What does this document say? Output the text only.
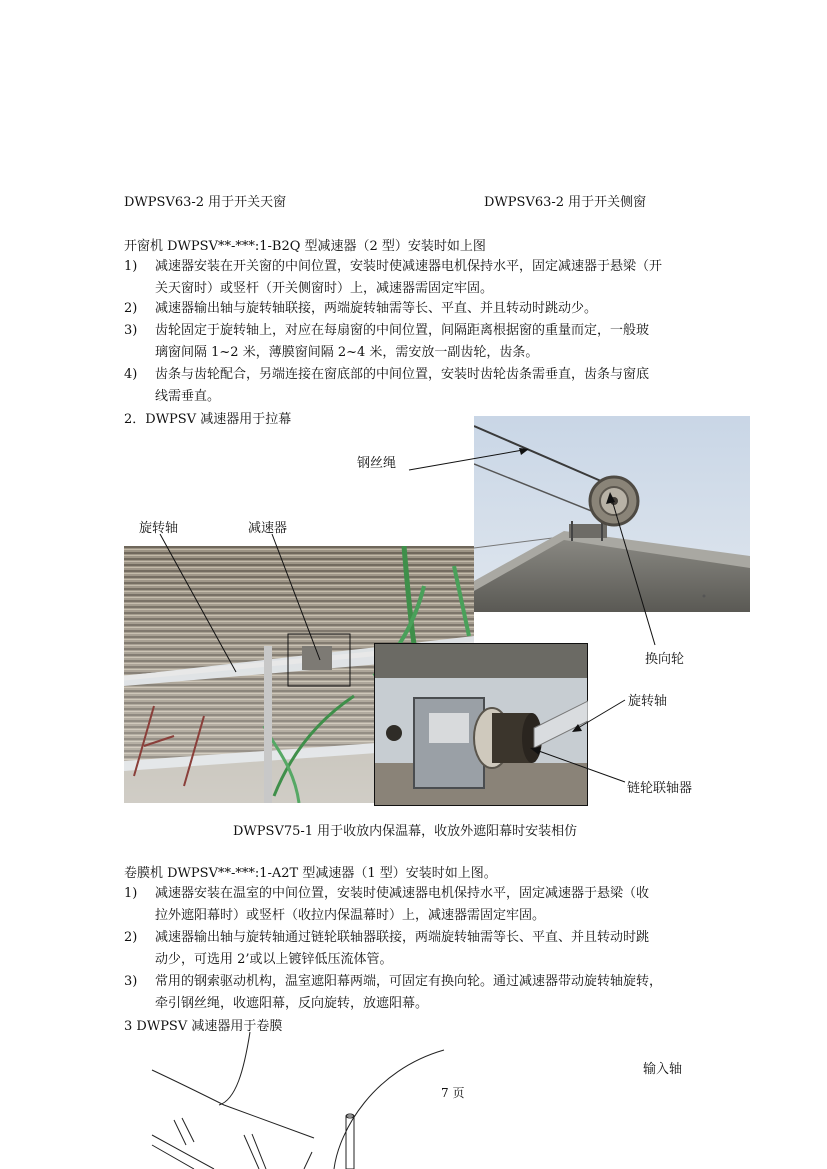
DWPSV63-2 用于开关天窗	DWPSV63-2 用于开关侧窗
开窗机 DWPSV**-***:1-B2Q 型减速器（2 型）安装时如上图
1)	减速器安装在开关窗的中间位置，安装时使减速器电机保持水平，固定减速器于悬梁（开
关天窗时）或竖杆（开关侧窗时）上，减速器需固定牢固。
2)	减速器输出轴与旋转轴联接，两端旋转轴需等长、平直、并且转动时跳动少。
3)	齿轮固定于旋转轴上，对应在每扇窗的中间位置，间隔距离根据窗的重量而定，一般玻
璃窗间隔 1~2 米，薄膜窗间隔 2~4 米，需安放一副齿轮，齿条。
4)	齿条与齿轮配合，另端连接在窗底部的中间位置，安装时齿轮齿条需垂直，齿条与窗底
线需垂直。
2．DWPSV 减速器用于拉幕
钢丝绳
旋转轴	减速器
换向轮
旋转轴
链轮联轴器
DWPSV75-1 用于收放内保温幕，收放外遮阳幕时安装相仿
卷膜机 DWPSV**-***:1-A2T 型减速器（1 型）安装时如上图。
1)	减速器安装在温室的中间位置，安装时使减速器电机保持水平，固定减速器于悬梁（收
拉外遮阳幕时）或竖杆（收拉内保温幕时）上，减速器需固定牢固。
2)	减速器输出轴与旋转轴通过链轮联轴器联接，两端旋转轴需等长、平直、并且转动时跳
动少，可选用 2’或以上镀锌低压流体管。
3)	常用的钢索驱动机构，温室遮阳幕两端，可固定有换向轮。通过减速器带动旋转轴旋转，
牵引钢丝绳，收遮阳幕，反向旋转，放遮阳幕。
3 DWPSV 减速器用于卷膜
输入轴
7 页
